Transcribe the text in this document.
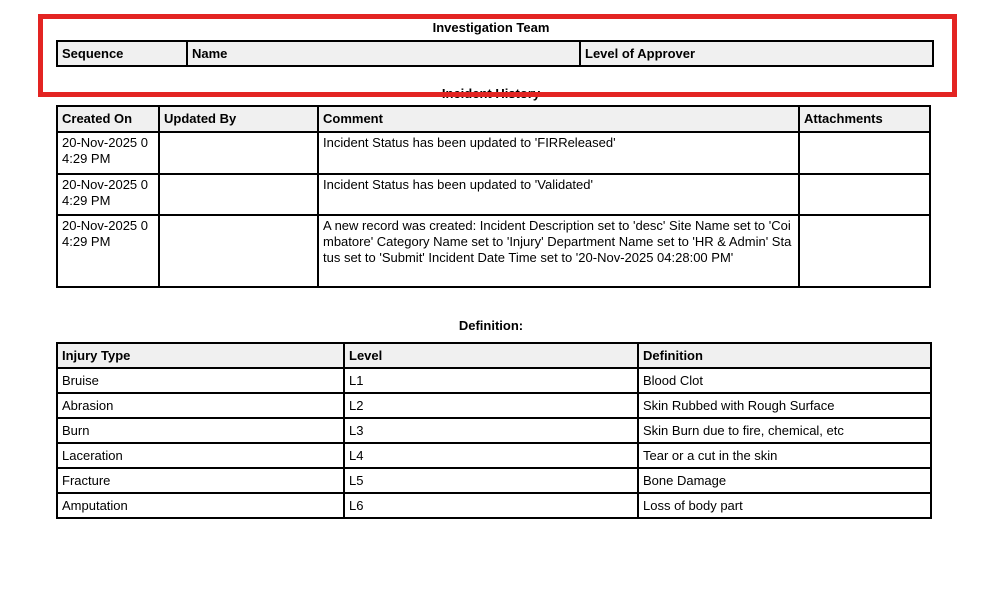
Investigation Team
Sequence	Name	Level of Approver
Incident History
Created On	Updated By	Comment	Attachments
20-Nov-2025 04:29 PM		Incident Status has been updated to 'FIRReleased'	
20-Nov-2025 04:29 PM		Incident Status has been updated to 'Validated'	
20-Nov-2025 04:29 PM		A new record was created: Incident Description set to 'desc' Site Name set to 'Coimbatore' Category Name set to 'Injury' Department Name set to 'HR & Admin' Status set to 'Submit' Incident Date Time set to '20-Nov-2025 04:28:00 PM'	
Definition:
Injury Type	Level	Definition
Bruise	L1	Blood Clot
Abrasion	L2	Skin Rubbed with Rough Surface
Burn	L3	Skin Burn due to fire, chemical, etc
Laceration	L4	Tear or a cut in the skin
Fracture	L5	Bone Damage
Amputation	L6	Loss of body part
